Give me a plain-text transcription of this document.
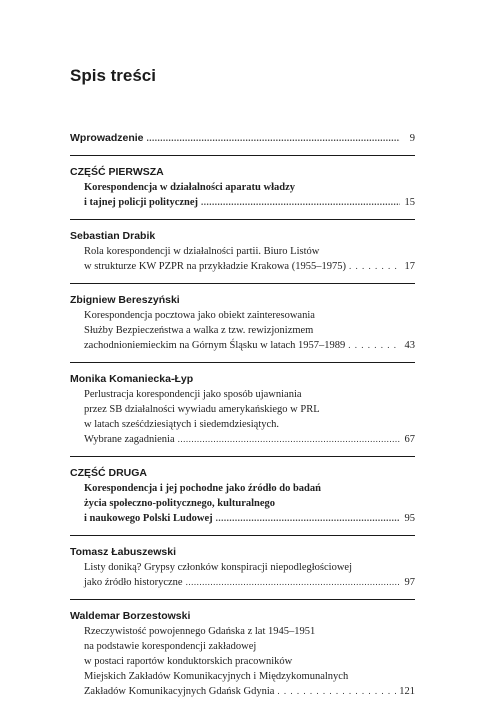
Spis treści
Wprowadzenie .....	9
CZĘŚĆ PIERWSZA
Korespondencja w działalności aparatu władzy
i tajnej policji politycznej .....	15
Sebastian Drabik
Rola korespondencji w działalności partii. Biuro Listów
w strukturze KW PZPR na przykładzie Krakowa (1955–1975) . . .	17
Zbigniew Bereszyński
Korespondencja pocztowa jako obiekt zainteresowania
Służby Bezpieczeństwa a walka z tzw. rewizjonizmem
zachodnioniemieckim na Górnym Śląsku w latach 1957–1989 . . .	43
Monika Komaniecka-Łyp
Perlustracja korespondencji jako sposób ujawniania
przez SB działalności wywiadu amerykańskiego w PRL
w latach sześćdziesiątych i siedemdziesiątych.
Wybrane zagadnienia .....	67
CZĘŚĆ DRUGA
Korespondencja i jej pochodne jako źródło do badań
życia społeczno-politycznego, kulturalnego
i naukowego Polski Ludowej .....	95
Tomasz Łabuszewski
Listy doniką? Grypsy członków konspiracji niepodległościowej
jako źródło historyczne .....	97
Waldemar Borzestowski
Rzeczywistość powojennego Gdańska z lat 1945–1951
na podstawie korespondencji zakładowej
w postaci raportów konduktorskich pracowników
Miejskich Zakładów Komunikacyjnych i Międzykomunalnych
Zakładów Komunikacyjnych Gdańsk Gdynia . . .	121
